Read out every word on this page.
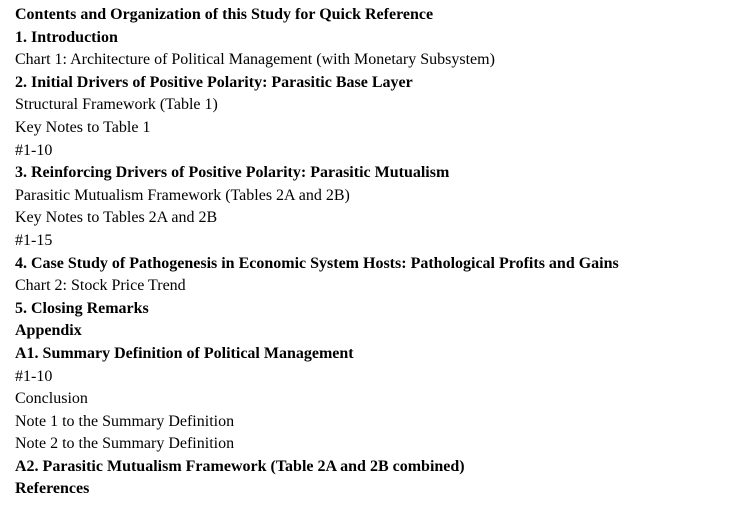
Contents and Organization of this Study for Quick Reference
1. Introduction
Chart 1: Architecture of Political Management (with Monetary Subsystem)
2. Initial Drivers of Positive Polarity: Parasitic Base Layer
Structural Framework (Table 1)
Key Notes to Table 1
#1-10
3. Reinforcing Drivers of Positive Polarity: Parasitic Mutualism
Parasitic Mutualism Framework (Tables 2A and 2B)
Key Notes to Tables 2A and 2B
#1-15
4. Case Study of Pathogenesis in Economic System Hosts: Pathological Profits and Gains
Chart 2: Stock Price Trend
5. Closing Remarks
Appendix
A1. Summary Definition of Political Management
#1-10
Conclusion
Note 1 to the Summary Definition
Note 2 to the Summary Definition
A2. Parasitic Mutualism Framework (Table 2A and 2B combined)
References
